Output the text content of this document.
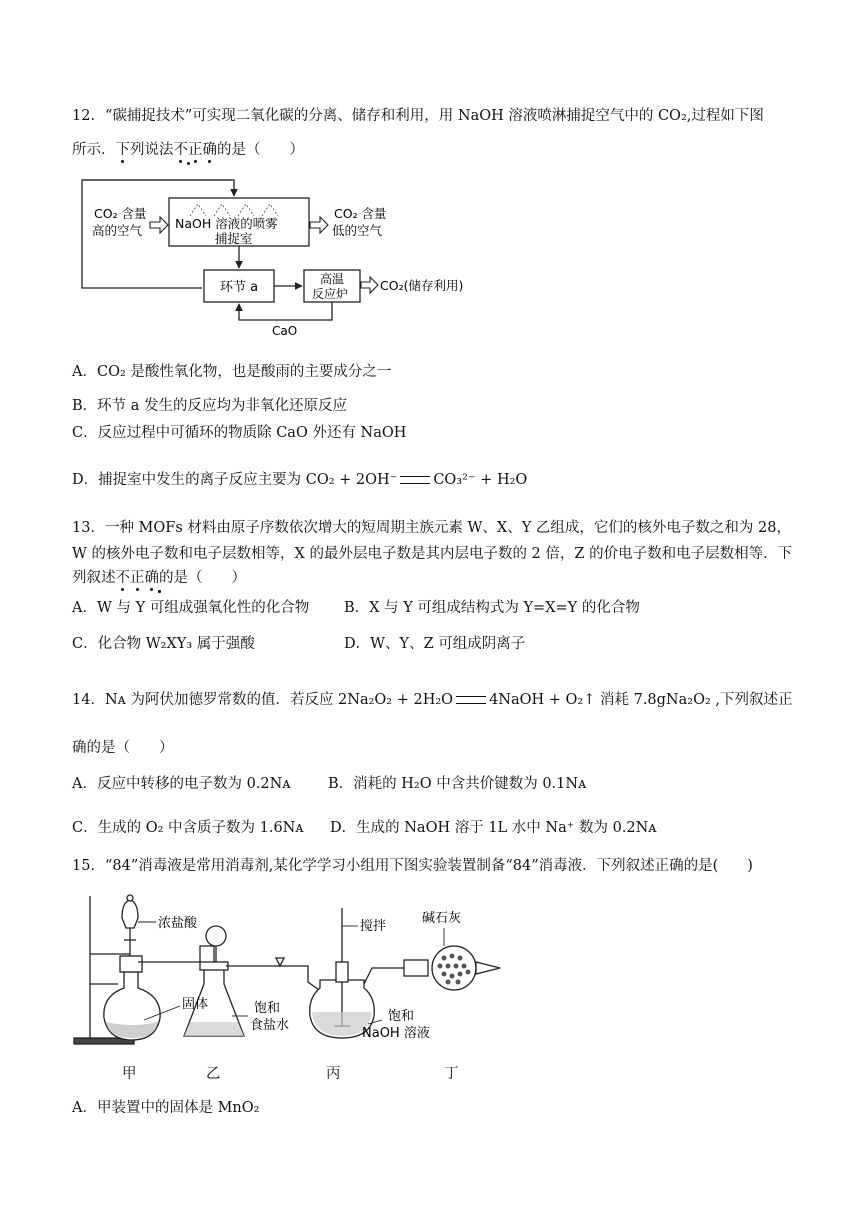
12．“碳捕捉技术”可实现二氧化碳的分离、储存和利用，用 NaOH 溶液喷淋捕捉空气中的 CO₂,过程如下图
所示．下列说法不正确的是（　　）
CO₂ 含量高的空气	NaOH 溶液的喷雾
捕捉室
CO₂ 含量低的空气
环节 a
高温
反应炉
CO₂(储存利用)
CaO
A．CO₂ 是酸性氧化物，也是酸雨的主要成分之一
B．环节 a 发生的反应均为非氧化还原反应
C．反应过程中可循环的物质除 CaO 外还有 NaOH
D．捕捉室中发生的离子反应主要为 CO₂ + 2OH⁻ CO₃²⁻ + H₂O
13．一种 MOFs 材料由原子序数依次增大的短周期主族元素 W、X、Y 乙组成，它们的核外电子数之和为 28，
W 的核外电子数和电子层数相等，X 的最外层电子数是其内层电子数的 2 倍，Z 的价电子数和电子层数相等．下
列叙述不正确的是（　　）
A．W 与 Y 可组成强氧化性的化合物 B．X 与 Y 可组成结构式为 Y=X=Y 的化合物
C．化合物 W₂XY₃ 属于强酸	D．W、Y、Z 可组成阴离子
14．Nᴀ 为阿伏加德罗常数的值．若反应 2Na₂O₂ + 2H₂O 4NaOH + O₂↑ 消耗 7.8gNa₂O₂ ,下列叙述正
确的是（　　）
A．反应中转移的电子数为 0.2Nᴀ	B．消耗的 H₂O 中含共价键数为 0.1Nᴀ
C．生成的 O₂ 中含质子数为 1.6Nᴀ D．生成的 NaOH 溶于 1L 水中 Na⁺ 数为 0.2Nᴀ
15．“84”消毒液是常用消毒剂,某化学学习小组用下图实验装置制备“84”消毒液．下列叙述正确的是(　　)
浓盐酸
固体	饱和食盐水
搅拌
碱石灰
饱和 NaOH 溶液
甲	乙	丙	丁
A．甲装置中的固体是 MnO₂
